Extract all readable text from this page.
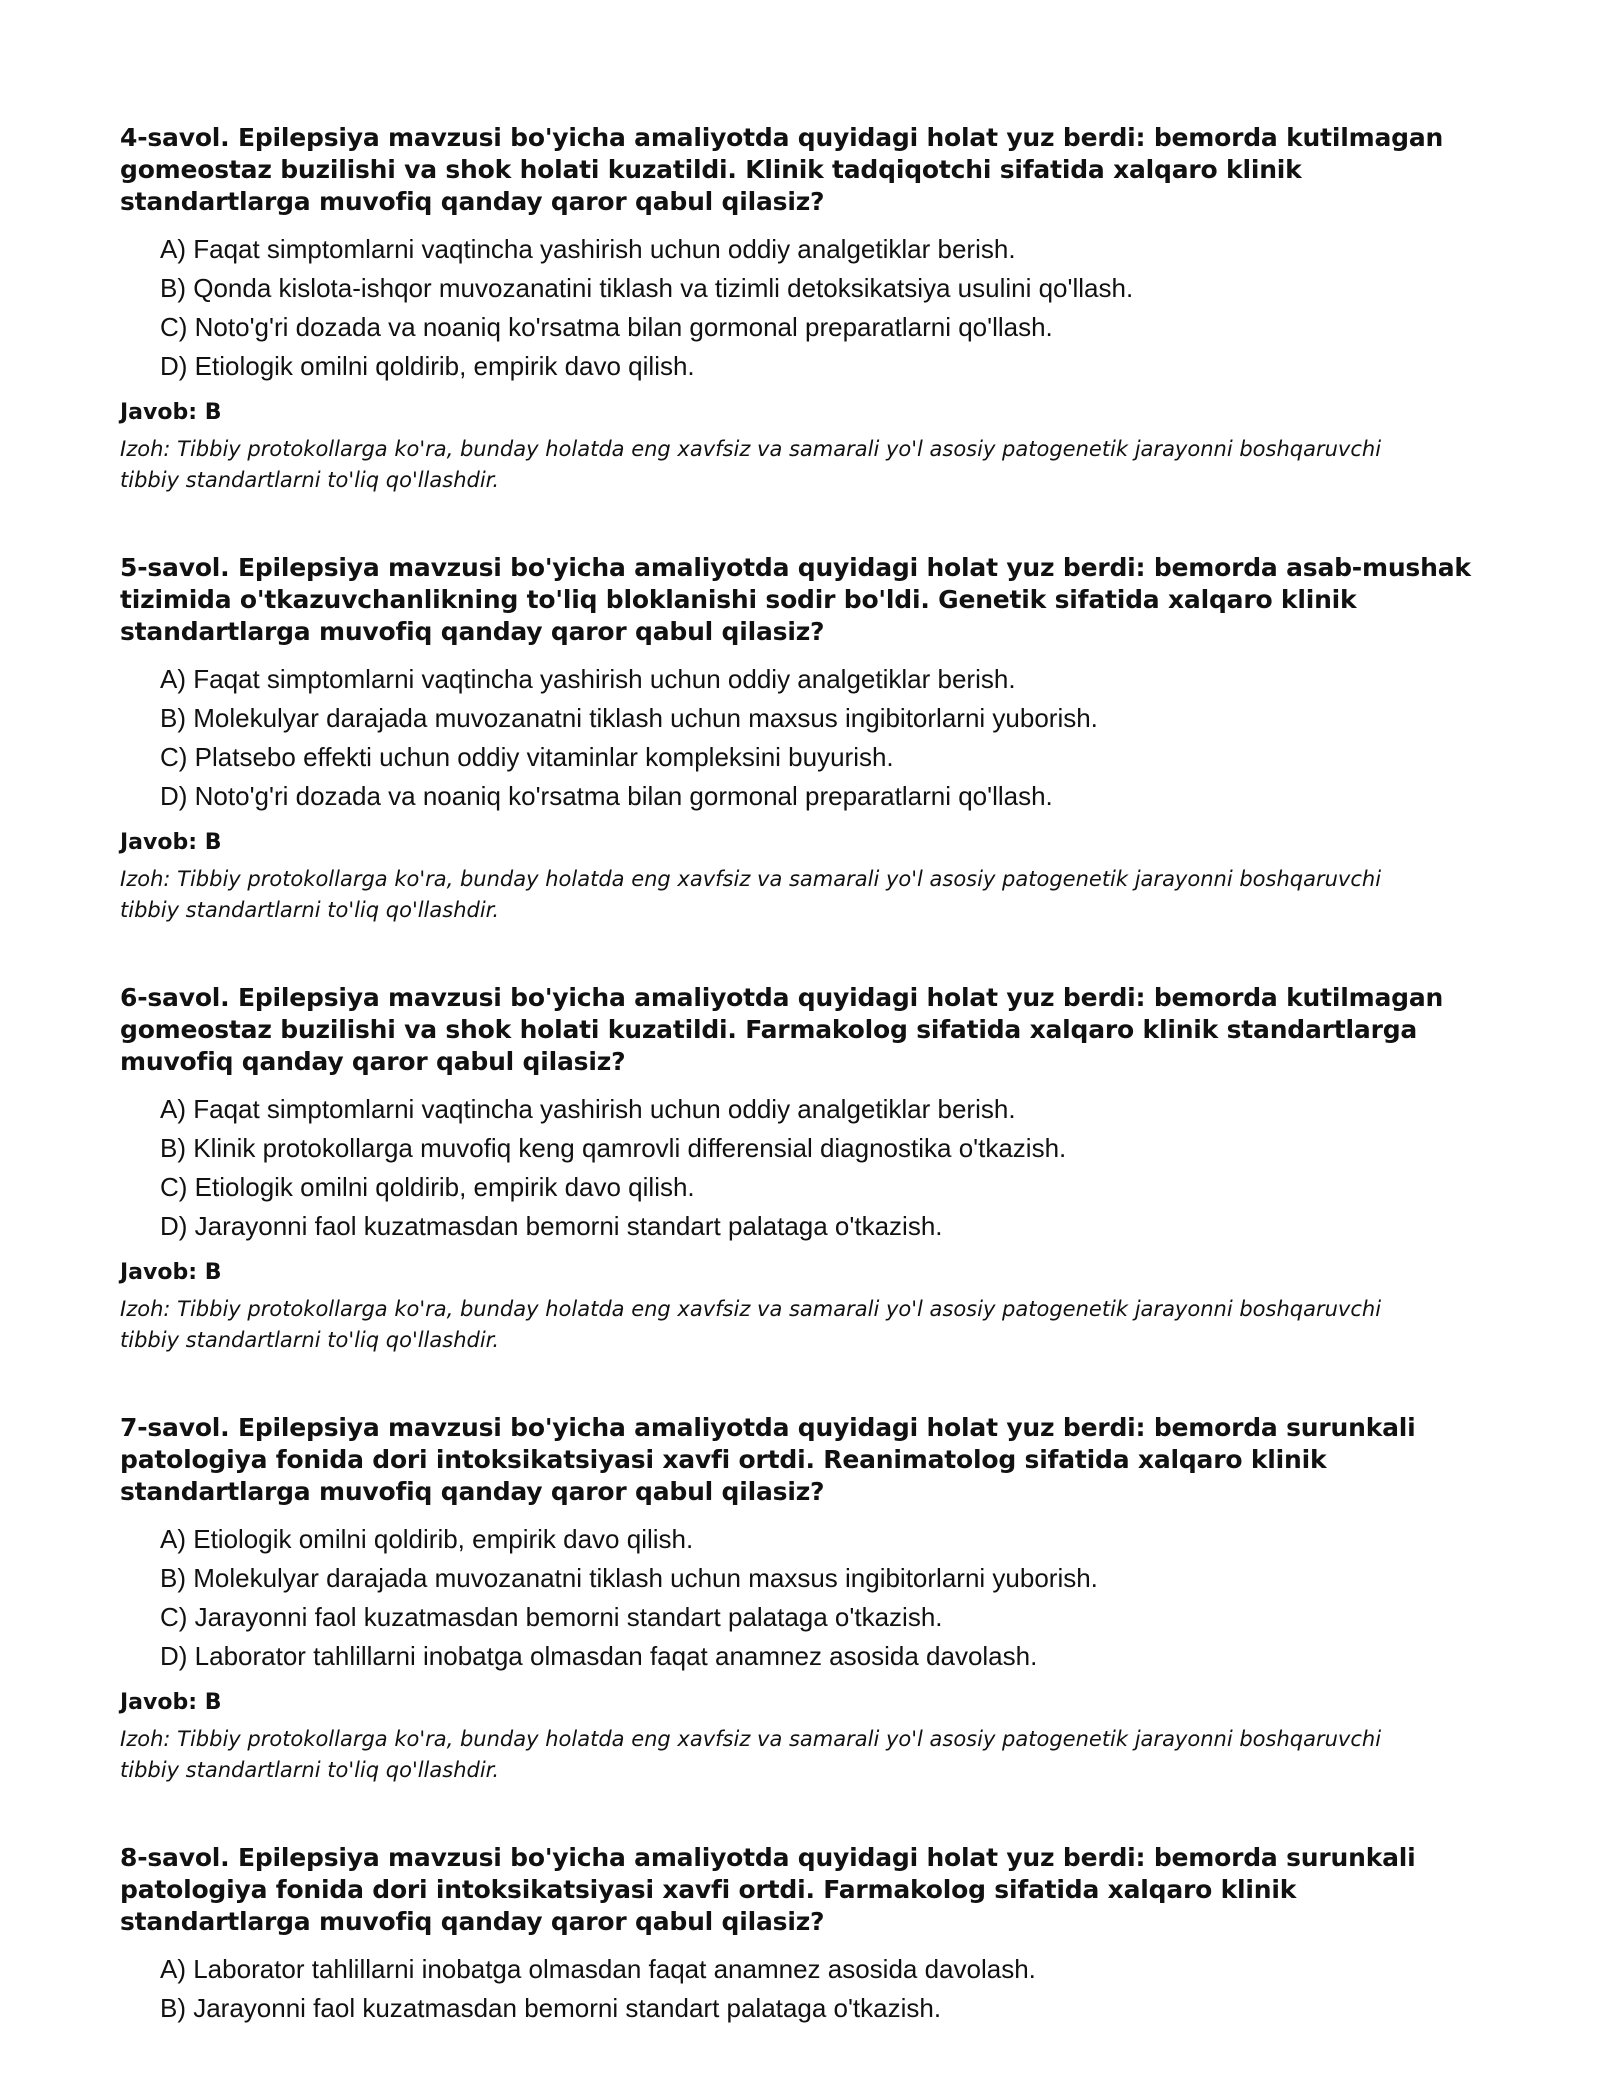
4-savol. Epilepsiya mavzusi bo'yicha amaliyotda quyidagi holat yuz berdi: bemorda kutilmagan gomeostaz buzilishi va shok holati kuzatildi. Klinik tadqiqotchi sifatida xalqaro klinik standartlarga muvofiq qanday qaror qabul qilasiz?

A) Faqat simptomlarni vaqtincha yashirish uchun oddiy analgetiklar berish.
B) Qonda kislota-ishqor muvozanatini tiklash va tizimli detoksikatsiya usulini qo'llash.
C) Noto'g'ri dozada va noaniq ko'rsatma bilan gormonal preparatlarni qo'llash.
D) Etiologik omilni qoldirib, empirik davo qilish.

Javob: B

Izoh: Tibbiy protokollarga ko'ra, bunday holatda eng xavfsiz va samarali yo'l asosiy patogenetik jarayonni boshqaruvchi tibbiy standartlarni to'liq qo'llashdir.

5-savol. Epilepsiya mavzusi bo'yicha amaliyotda quyidagi holat yuz berdi: bemorda asab-mushak tizimida o'tkazuvchanlikning to'liq bloklanishi sodir bo'ldi. Genetik sifatida xalqaro klinik standartlarga muvofiq qanday qaror qabul qilasiz?

A) Faqat simptomlarni vaqtincha yashirish uchun oddiy analgetiklar berish.
B) Molekulyar darajada muvozanatni tiklash uchun maxsus ingibitorlarni yuborish.
C) Platsebo effekti uchun oddiy vitaminlar kompleksini buyurish.
D) Noto'g'ri dozada va noaniq ko'rsatma bilan gormonal preparatlarni qo'llash.

Javob: B

Izoh: Tibbiy protokollarga ko'ra, bunday holatda eng xavfsiz va samarali yo'l asosiy patogenetik jarayonni boshqaruvchi tibbiy standartlarni to'liq qo'llashdir.

6-savol. Epilepsiya mavzusi bo'yicha amaliyotda quyidagi holat yuz berdi: bemorda kutilmagan gomeostaz buzilishi va shok holati kuzatildi. Farmakolog sifatida xalqaro klinik standartlarga muvofiq qanday qaror qabul qilasiz?

A) Faqat simptomlarni vaqtincha yashirish uchun oddiy analgetiklar berish.
B) Klinik protokollarga muvofiq keng qamrovli differensial diagnostika o'tkazish.
C) Etiologik omilni qoldirib, empirik davo qilish.
D) Jarayonni faol kuzatmasdan bemorni standart palataga o'tkazish.

Javob: B

Izoh: Tibbiy protokollarga ko'ra, bunday holatda eng xavfsiz va samarali yo'l asosiy patogenetik jarayonni boshqaruvchi tibbiy standartlarni to'liq qo'llashdir.

7-savol. Epilepsiya mavzusi bo'yicha amaliyotda quyidagi holat yuz berdi: bemorda surunkali patologiya fonida dori intoksikatsiyasi xavfi ortdi. Reanimatolog sifatida xalqaro klinik standartlarga muvofiq qanday qaror qabul qilasiz?

A) Etiologik omilni qoldirib, empirik davo qilish.
B) Molekulyar darajada muvozanatni tiklash uchun maxsus ingibitorlarni yuborish.
C) Jarayonni faol kuzatmasdan bemorni standart palataga o'tkazish.
D) Laborator tahlillarni inobatga olmasdan faqat anamnez asosida davolash.

Javob: B

Izoh: Tibbiy protokollarga ko'ra, bunday holatda eng xavfsiz va samarali yo'l asosiy patogenetik jarayonni boshqaruvchi tibbiy standartlarni to'liq qo'llashdir.

8-savol. Epilepsiya mavzusi bo'yicha amaliyotda quyidagi holat yuz berdi: bemorda surunkali patologiya fonida dori intoksikatsiyasi xavfi ortdi. Farmakolog sifatida xalqaro klinik standartlarga muvofiq qanday qaror qabul qilasiz?

A) Laborator tahlillarni inobatga olmasdan faqat anamnez asosida davolash.
B) Jarayonni faol kuzatmasdan bemorni standart palataga o'tkazish.
